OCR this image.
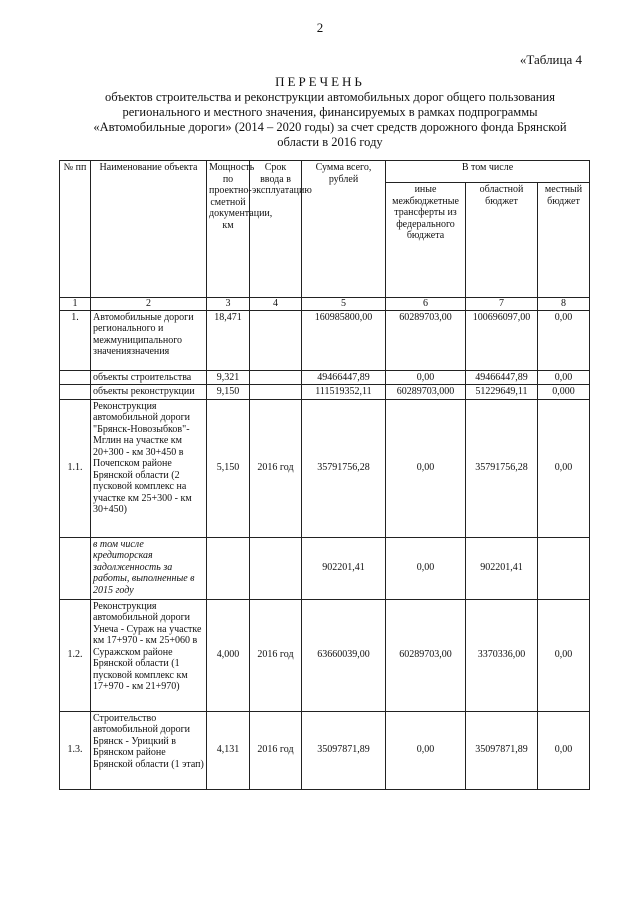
2
«Таблица 4
ПЕРЕЧЕНЬ
объектов строительства и реконструкции автомобильных дорог общего пользования
регионального и местного значения, финансируемых в рамках подпрограммы
«Автомобильные дороги» (2014 – 2020 годы) за счет средств дорожного фонда Брянской
области в 2016 году
№ пп	Наименование объекта	Мощность по проектно-сметной документации, км	Срок ввода в эксплуатацию	Сумма всего, рублей	В том числе		
					иные межбюджетные трансферты из федерального бюджета	областной бюджет	местный бюджет
1	2	3	4	5	6	7	8
1.	Автомобильные дороги регионального и межмуниципального значениязначения	18,471		160985800,00	60289703,00	100696097,00	0,00
	объекты строительства	9,321		49466447,89	0,00	49466447,89	0,00
	объекты реконструкции	9,150		111519352,11	60289703,000	51229649,11	0,000
1.1.	Реконструкция автомобильной дороги "Брянск-Новозыбков"-Мглин на участке км 20+300 - км 30+450 в Почепском районе Брянской области (2 пусковой комплекс на участке км 25+300 - км 30+450)	5,150	2016 год	35791756,28	0,00	35791756,28	0,00
	в том числе кредиторская задолженность за работы, выполненные в 2015 году			902201,41	0,00	902201,41	
1.2.	Реконструкция автомобильной дороги Унеча - Сураж на участке км 17+970 - км 25+060 в Суражском районе Брянской области (1 пусковой комплекс км 17+970 - км 21+970)	4,000	2016 год	63660039,00	60289703,00	3370336,00	0,00
1.3.	Строительство автомобильной дороги Брянск - Урицкий в Брянском районе Брянской области (1 этап)	4,131	2016 год	35097871,89	0,00	35097871,89	0,00
